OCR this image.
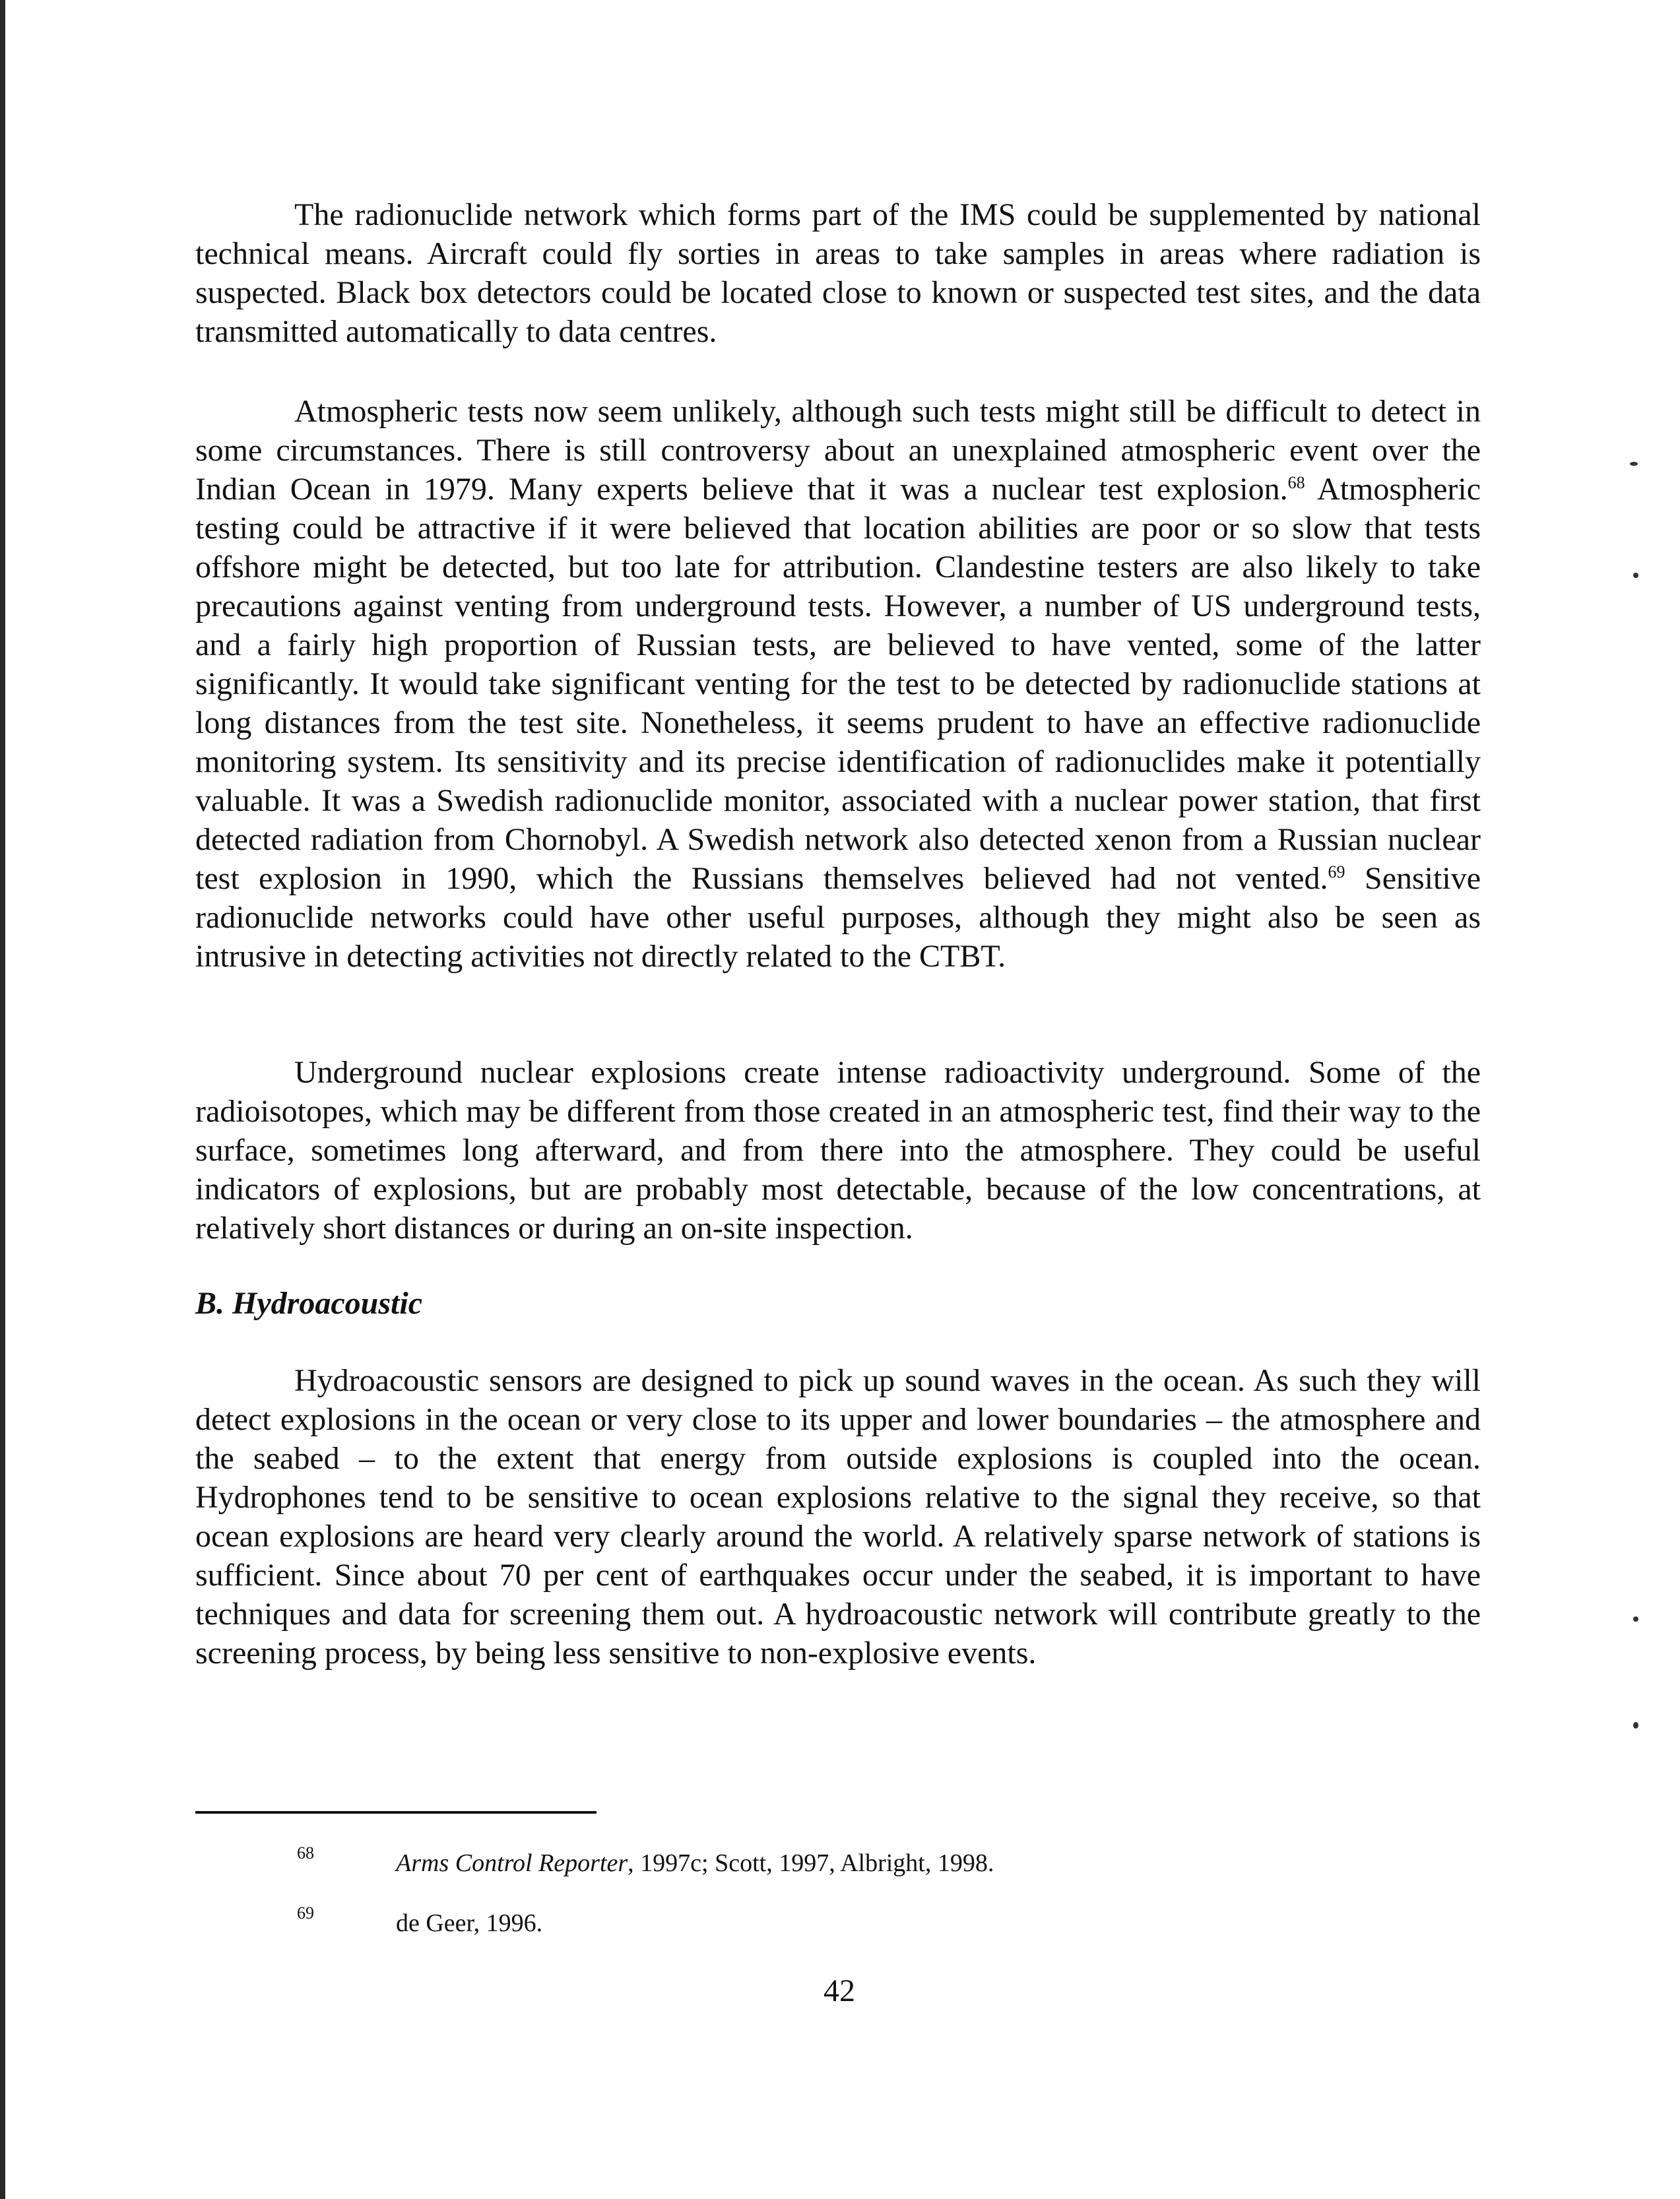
The radionuclide network which forms part of the IMS could be supplemented by national technical means. Aircraft could fly sorties in areas to take samples in areas where radiation is suspected. Black box detectors could be located close to known or suspected test sites, and the data transmitted automatically to data centres.

Atmospheric tests now seem unlikely, although such tests might still be difficult to detect in some circumstances. There is still controversy about an unexplained atmospheric event over the Indian Ocean in 1979. Many experts believe that it was a nuclear test explosion.$^{68}$ Atmospheric testing could be attractive if it were believed that location abilities are poor or so slow that tests offshore might be detected, but too late for attribution. Clandestine testers are also likely to take precautions against venting from underground tests. However, a number of US underground tests, and a fairly high proportion of Russian tests, are believed to have vented, some of the latter significantly. It would take significant venting for the test to be detected by radionuclide stations at long distances from the test site. Nonetheless, it seems prudent to have an effective radionuclide monitoring system. Its sensitivity and its precise identification of radionuclides make it potentially valuable. It was a Swedish radionuclide monitor, associated with a nuclear power station, that first detected radiation from Chornobyl. A Swedish network also detected xenon from a Russian nuclear test explosion in 1990, which the Russians themselves believed had not vented.$^{69}$ Sensitive radionuclide networks could have other useful purposes, although they might also be seen as intrusive in detecting activities not directly related to the CTBT.

Underground nuclear explosions create intense radioactivity underground. Some of the radioisotopes, which may be different from those created in an atmospheric test, find their way to the surface, sometimes long afterward, and from there into the atmosphere. They could be useful indicators of explosions, but are probably most detectable, because of the low concentrations, at relatively short distances or during an on-site inspection.

B. Hydroacoustic

Hydroacoustic sensors are designed to pick up sound waves in the ocean. As such they will detect explosions in the ocean or very close to its upper and lower boundaries – the atmosphere and the seabed – to the extent that energy from outside explosions is coupled into the ocean. Hydrophones tend to be sensitive to ocean explosions relative to the signal they receive, so that ocean explosions are heard very clearly around the world. A relatively sparse network of stations is sufficient. Since about 70 per cent of earthquakes occur under the seabed, it is important to have techniques and data for screening them out. A hydroacoustic network will contribute greatly to the screening process, by being less sensitive to non-explosive events.

68	Arms Control Reporter, 1997c; Scott, 1997, Albright, 1998.
69	de Geer, 1996.
42
